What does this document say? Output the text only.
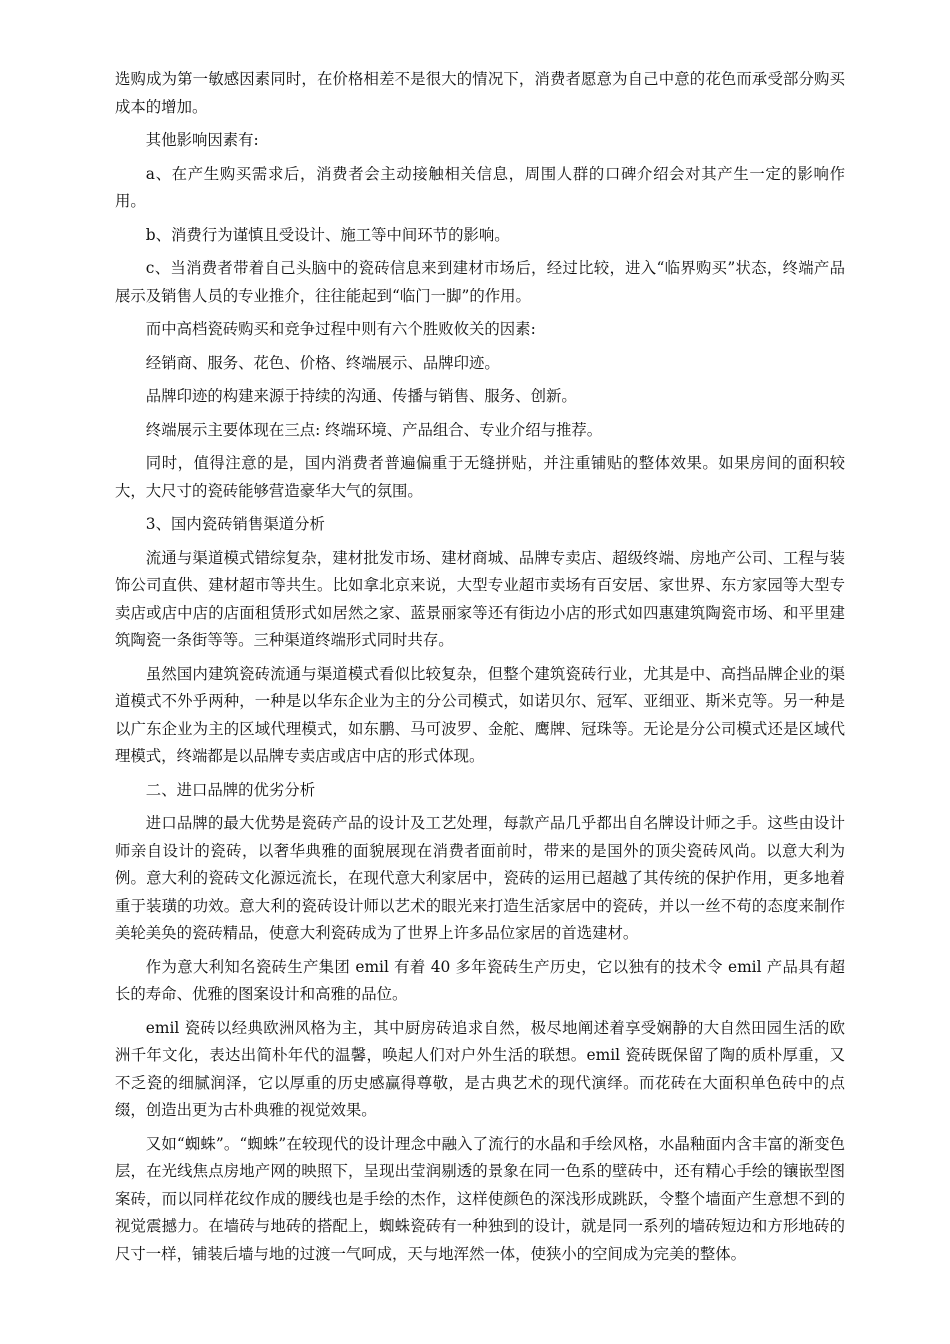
选购成为第一敏感因素同时，在价格相差不是很大的情况下，消费者愿意为自己中意的花色而承受部分购买成本的增加。

其他影响因素有:

a、在产生购买需求后，消费者会主动接触相关信息，周围人群的口碑介绍会对其产生一定的影响作用。

b、消费行为谨慎且受设计、施工等中间环节的影响。

c、当消费者带着自己头脑中的瓷砖信息来到建材市场后，经过比较，进入“临界购买”状态，终端产品展示及销售人员的专业推介，往往能起到“临门一脚”的作用。

而中高档瓷砖购买和竞争过程中则有六个胜败攸关的因素:

经销商、服务、花色、价格、终端展示、品牌印迹。

品牌印迹的构建来源于持续的沟通、传播与销售、服务、创新。

终端展示主要体现在三点: 终端环境、产品组合、专业介绍与推荐。

同时，值得注意的是，国内消费者普遍偏重于无缝拼贴，并注重铺贴的整体效果。如果房间的面积较大，大尺寸的瓷砖能够营造豪华大气的氛围。

3、国内瓷砖销售渠道分析

流通与渠道模式错综复杂，建材批发市场、建材商城、品牌专卖店、超级终端、房地产公司、工程与装饰公司直供、建材超市等共生。比如拿北京来说，大型专业超市卖场有百安居、家世界、东方家园等大型专卖店或店中店的店面租赁形式如居然之家、蓝景丽家等还有街边小店的形式如四惠建筑陶瓷市场、和平里建筑陶瓷一条街等等。三种渠道终端形式同时共存。

虽然国内建筑瓷砖流通与渠道模式看似比较复杂，但整个建筑瓷砖行业，尤其是中、高挡品牌企业的渠道模式不外乎两种，一种是以华东企业为主的分公司模式，如诺贝尔、冠军、亚细亚、斯米克等。另一种是以广东企业为主的区域代理模式，如东鹏、马可波罗、金舵、鹰牌、冠珠等。无论是分公司模式还是区域代理模式，终端都是以品牌专卖店或店中店的形式体现。

二、进口品牌的优劣分析

进口品牌的最大优势是瓷砖产品的设计及工艺处理，每款产品几乎都出自名牌设计师之手。这些由设计师亲自设计的瓷砖，以奢华典雅的面貌展现在消费者面前时，带来的是国外的顶尖瓷砖风尚。以意大利为例。意大利的瓷砖文化源远流长，在现代意大利家居中，瓷砖的运用已超越了其传统的保护作用，更多地着重于装璜的功效。意大利的瓷砖设计师以艺术的眼光来打造生活家居中的瓷砖，并以一丝不苟的态度来制作美轮美奂的瓷砖精品，使意大利瓷砖成为了世界上许多品位家居的首选建材。

作为意大利知名瓷砖生产集团 emil 有着 40 多年瓷砖生产历史，它以独有的技术令 emil 产品具有超长的寿命、优雅的图案设计和高雅的品位。

emil 瓷砖以经典欧洲风格为主，其中厨房砖追求自然，极尽地阐述着享受娴静的大自然田园生活的欧洲千年文化，表达出简朴年代的温馨，唤起人们对户外生活的联想。emil 瓷砖既保留了陶的质朴厚重，又不乏瓷的细腻润泽，它以厚重的历史感赢得尊敬，是古典艺术的现代演绎。而花砖在大面积单色砖中的点缀，创造出更为古朴典雅的视觉效果。

又如“蜘蛛”。“蜘蛛”在较现代的设计理念中融入了流行的水晶和手绘风格，水晶釉面内含丰富的渐变色层，在光线焦点房地产网的映照下，呈现出莹润剔透的景象在同一色系的壁砖中，还有精心手绘的镶嵌型图案砖，而以同样花纹作成的腰线也是手绘的杰作，这样使颜色的深浅形成跳跃，令整个墙面产生意想不到的视觉震撼力。在墙砖与地砖的搭配上，蜘蛛瓷砖有一种独到的设计，就是同一系列的墙砖短边和方形地砖的尺寸一样，铺装后墙与地的过渡一气呵成，天与地浑然一体，使狭小的空间成为完美的整体。
